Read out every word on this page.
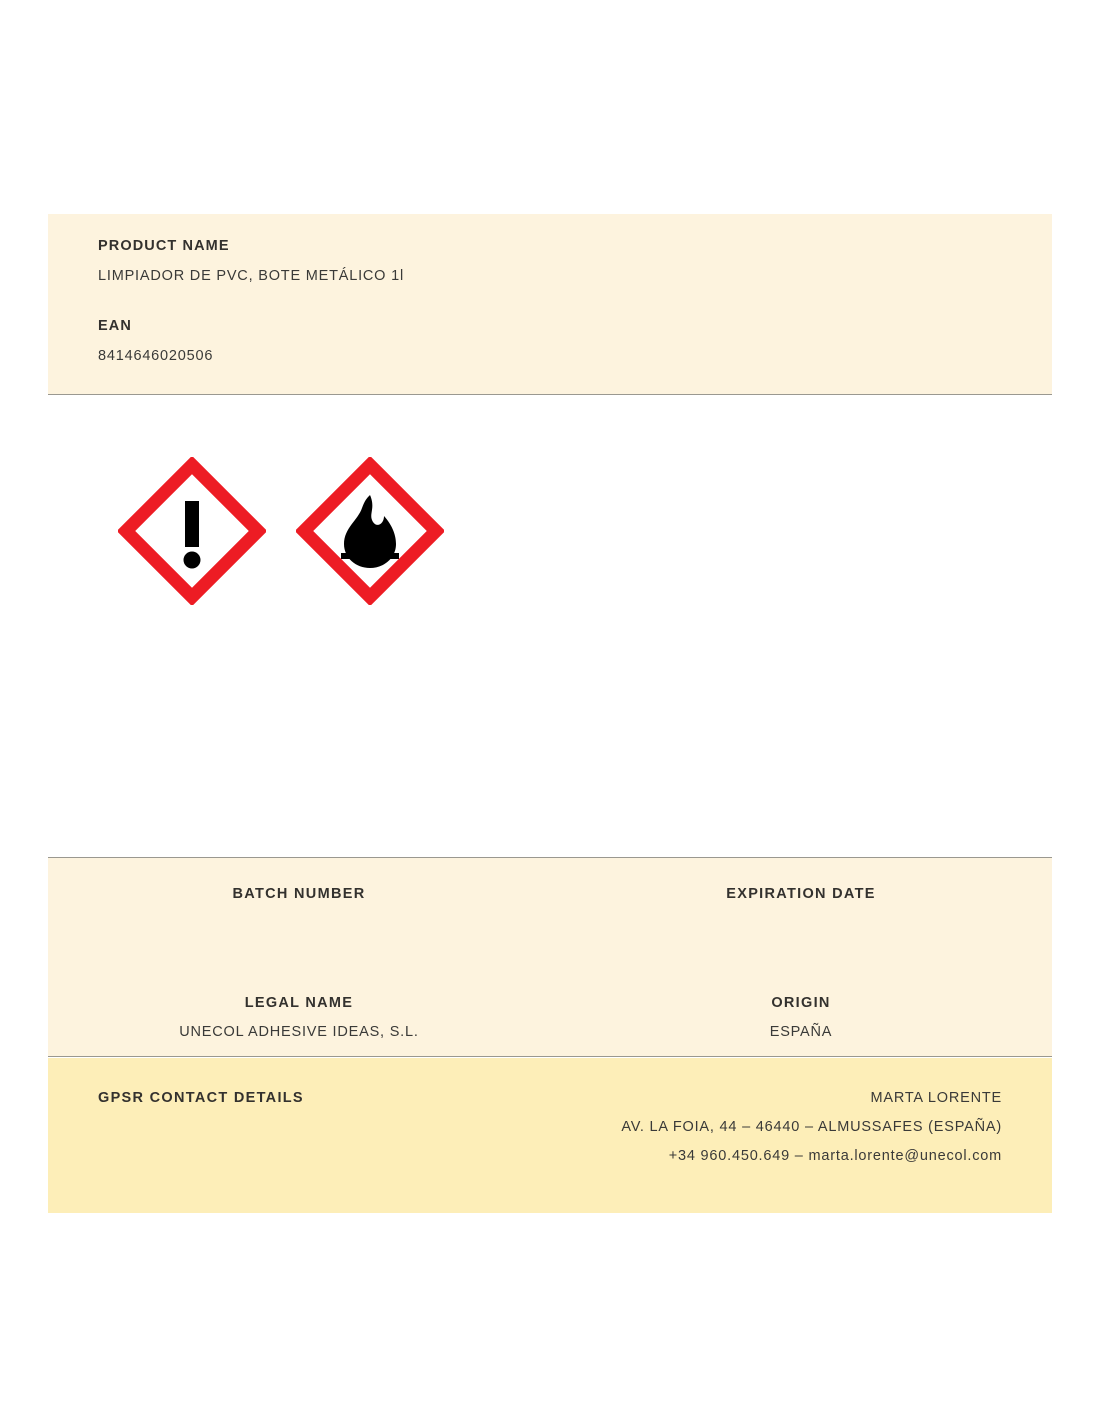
PRODUCT NAME

LIMPIADOR DE PVC, BOTE METÁLICO 1l

EAN

8414646020506

BATCH NUMBER	EXPIRATION DATE

LEGAL NAME

UNECOL ADHESIVE IDEAS, S.L.

ORIGIN

ESPAÑA

GPSR CONTACT DETAILS	MARTA LORENTE

AV. LA FOIA, 44 – 46440 – ALMUSSAFES (ESPAÑA)

+34 960.450.649 – marta.lorente@unecol.com
